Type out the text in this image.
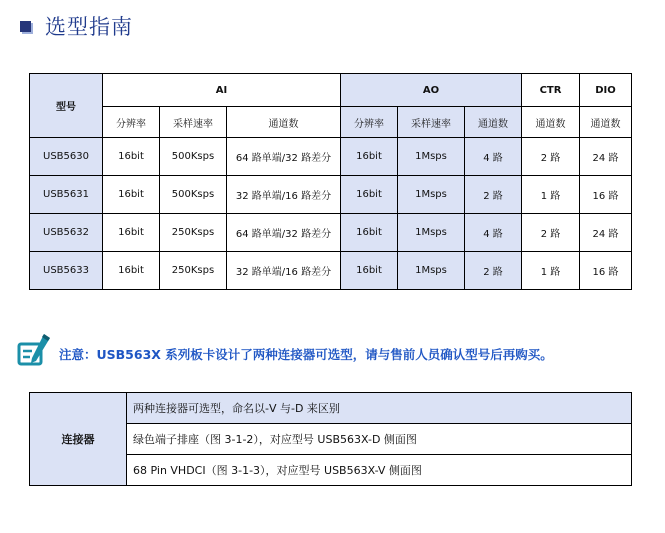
选型指南
型号	AI			AO			CTR	DIO
	分辨率	采样速率	通道数	分辨率	采样速率	通道数	通道数	通道数
USB5630	16bit	500Ksps	64 路单端/32 路差分	16bit	1Msps	4 路	2 路	24 路
USB5631	16bit	500Ksps	32 路单端/16 路差分	16bit	1Msps	2 路	1 路	16 路
USB5632	16bit	250Ksps	64 路单端/32 路差分	16bit	1Msps	4 路	2 路	24 路
USB5633	16bit	250Ksps	32 路单端/16 路差分	16bit	1Msps	2 路	1 路	16 路
注意：USB563X 系列板卡设计了两种连接器可选型，请与售前人员确认型号后再购买。
连接器	两种连接器可选型，命名以-V 与-D 来区别
绿色端子排座（图 3-1-2），对应型号 USB563X-D 侧面图
68 Pin VHDCI（图 3-1-3），对应型号 USB563X-V 侧面图
